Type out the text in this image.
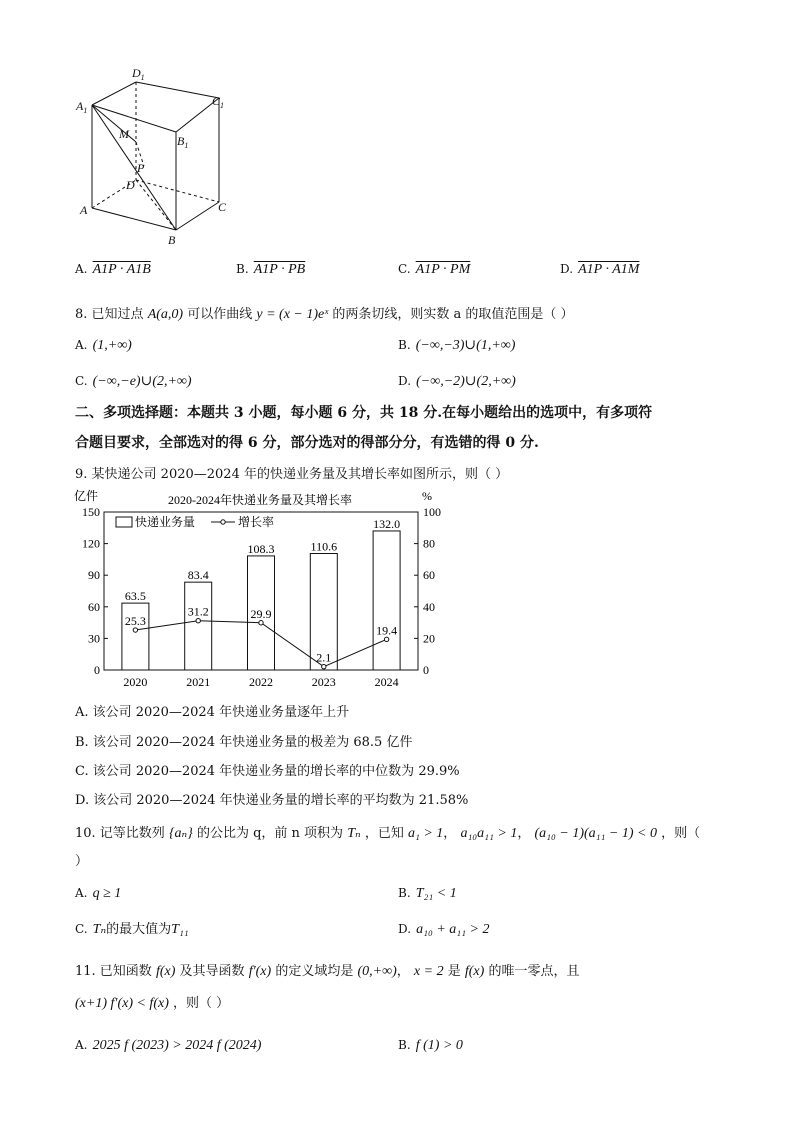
$D_1$
$C_1$
$A_1$
$B_1$
M
P
D
A	C
B
A. A1P · A1B	B. A1P · PB	C. A1P · PM	D. A1P · A1M
8. 已知过点 A(a,0) 可以作曲线 y = (x − 1)eˣ 的两条切线，则实数 a 的取值范围是（ ）
A. (1,+∞)	B. (−∞,−3)∪(1,+∞)
C. (−∞,−e)∪(2,+∞)	D. (−∞,−2)∪(2,+∞)
二、多项选择题：本题共 3 小题，每小题 6 分，共 18 分.在每小题给出的选项中，有多项符
合题目要求，全部选对的得 6 分，部分选对的得部分分，有选错的得 0 分.
9. 某快递公司 2020—2024 年的快递业务量及其增长率如图所示，则（ ）
亿件	2020-2024年快递业务量及其增长率	%
0
30
60
90
120
150
0
20
40
60
80
100
63.5
83.4
108.3	110.6
132.0
25.3
31.2	29.9
2.1
19.4
2020	2021	2022	2023	2024
快递业务量	增长率
A. 该公司 2020—2024 年快递业务量逐年上升
B. 该公司 2020—2024 年快递业务量的极差为 68.5 亿件
C. 该公司 2020—2024 年快递业务量的增长率的中位数为 29.9%
D. 该公司 2020—2024 年快递业务量的增长率的平均数为 21.58%
10. 记等比数列 {aₙ} 的公比为 q，前 n 项积为 Tₙ ，已知 a₁ > 1， a₁₀a₁₁ > 1， (a₁₀ − 1)(a₁₁ − 1) < 0 ，则（
）
A. q ≥ 1	B. T₂₁ < 1
C. Tₙ的最大值为T₁₁	D. a₁₀ + a₁₁ > 2
11. 已知函数 f(x) 及其导函数 f′(x) 的定义域均是 (0,+∞)， x = 2 是 f(x) 的唯一零点，且
(x+1) f′(x) < f(x) ，则（ ）
A. 2025 f (2023) > 2024 f (2024)	B. f (1) > 0
